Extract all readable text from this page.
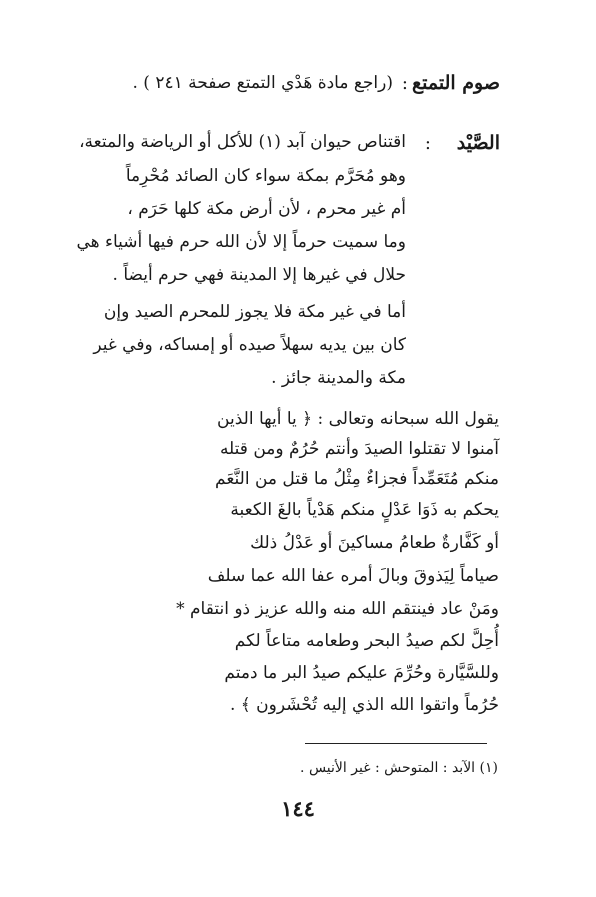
صوم التمتع
:
(راجع مادة هَدْي التمتع صفحة ٢٤١ ) .
الصَّيْد
:
اقتناص حيوان آبد (١) للأكل أو الرياضة والمتعة،
وهو مُحَرَّم بمكة سواء كان الصائد مُحْرِماً
أم غير محرم ، لأن أرض مكة كلها حَرَم ،
وما سميت حرماً إلا لأن الله حرم فيها أشياء هي
حلال في غيرها إلا المدينة فهي حرم أيضاً .
أما في غير مكة فلا يجوز للمحرم الصيد وإن
كان بين يديه سهلاً صيده أو إمساكه، وفي غير
مكة والمدينة جائز .
يقول الله سبحانه وتعالى : ﴿ يا أيها الذين
آمنوا لا تقتلوا الصيدَ وأنتم حُرُمٌ ومن قتله
منكم مُتَعَمِّداً فجزاءٌ مِثْلُ ما قتل من النَّعَم
يحكم به ذَوَا عَدْلٍ منكم هَدْياً بالغَ الكعبة
أو كَفَّارةٌ طعامُ مساكينَ أو عَدْلُ ذلك
صياماً لِيَذوقَ وبالَ أمره عفا الله عما سلف
ومَنْ عاد فينتقم الله منه والله عزيز ذو انتقام *
أُحِلَّ لكم صيدُ البحر وطعامه متاعاً لكم
وللسَّيَّارة وحُرِّمَ عليكم صيدُ البر ما دمتم
حُرُماً واتقوا الله الذي إليه تُحْشَرون ﴾ .
(١) الآبد : المتوحش : غير الأنيس .
١٤٤
